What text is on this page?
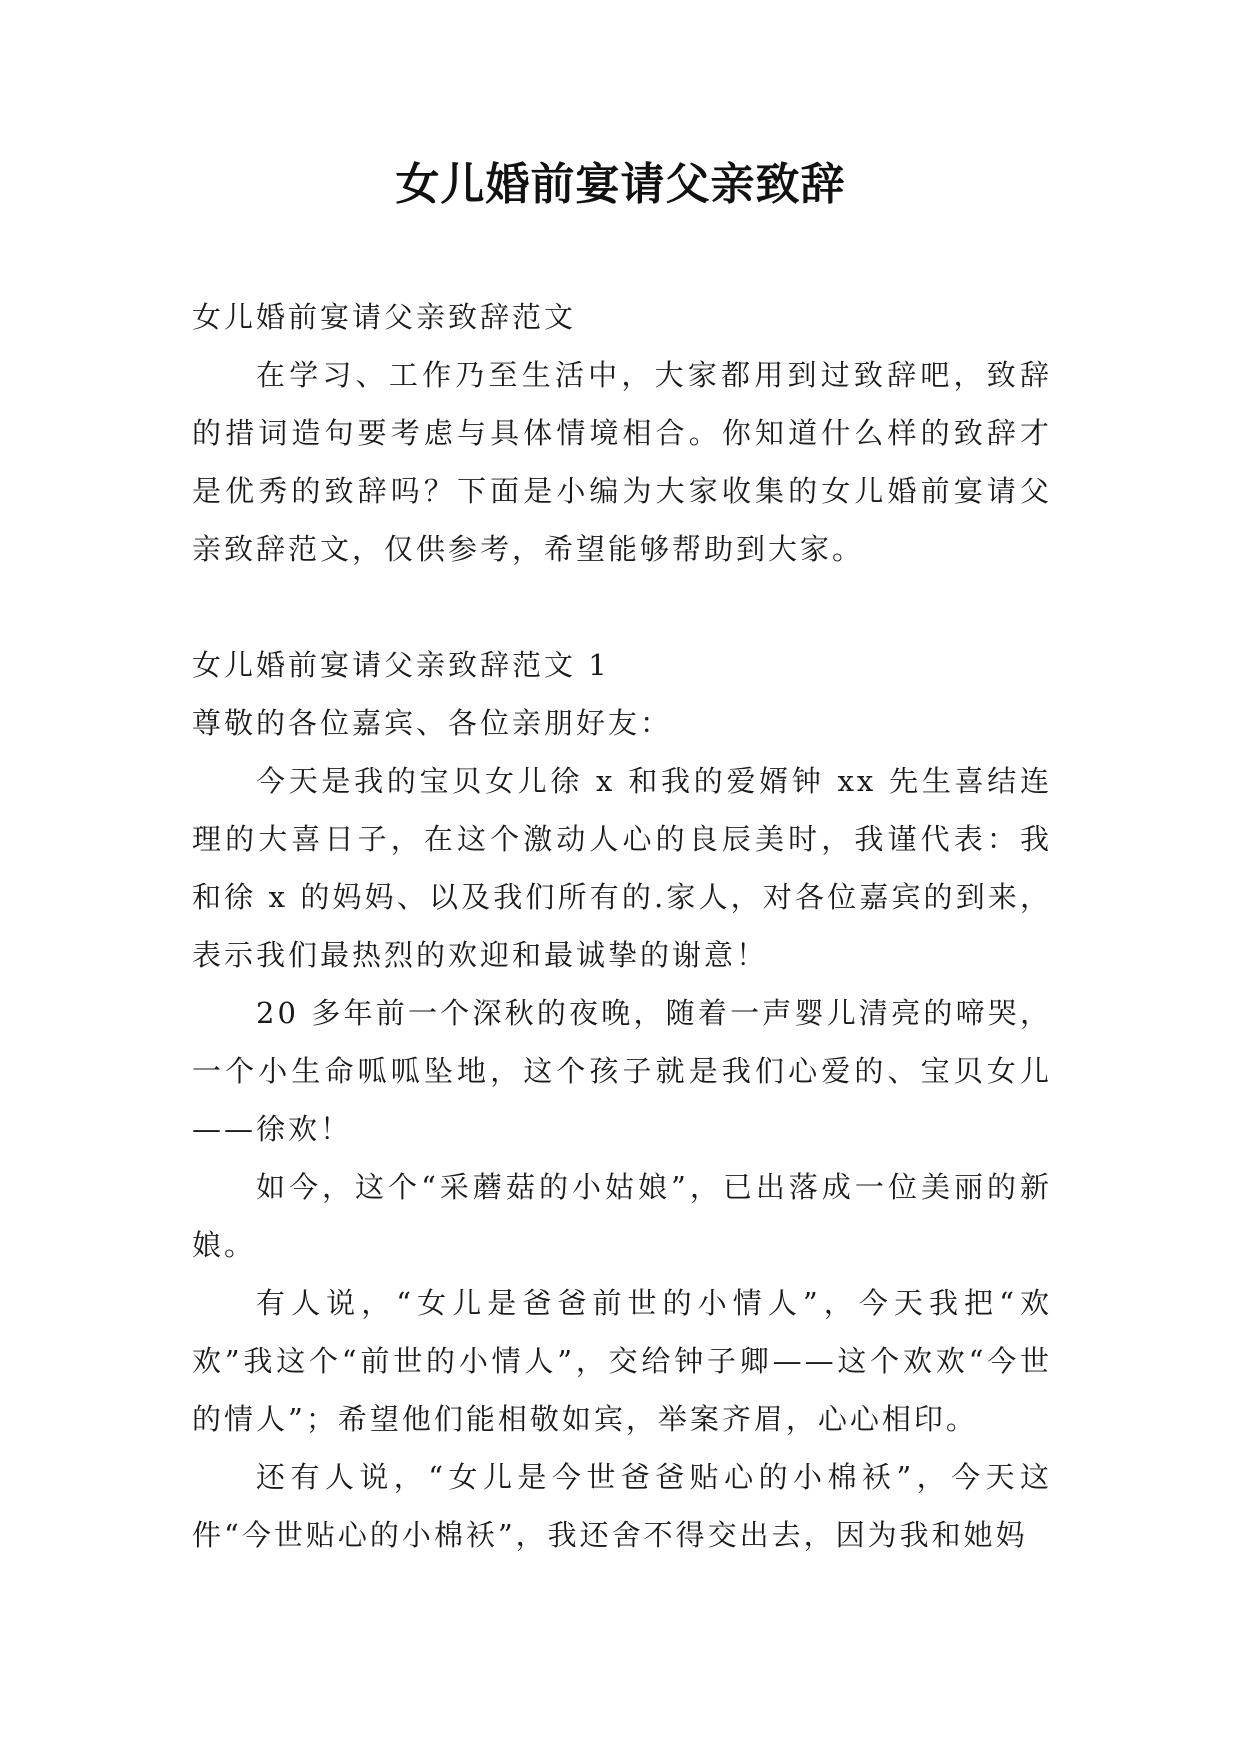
女儿婚前宴请父亲致辞

女儿婚前宴请父亲致辞范文

在学习、工作乃至生活中，大家都用到过致辞吧，致辞的措词造句要考虑与具体情境相合。你知道什么样的致辞才是优秀的致辞吗？下面是小编为大家收集的女儿婚前宴请父亲致辞范文，仅供参考，希望能够帮助到大家。

女儿婚前宴请父亲致辞范文 1

尊敬的各位嘉宾、各位亲朋好友：

今天是我的宝贝女儿徐 x 和我的爱婿钟 xx 先生喜结连理的大喜日子，在这个激动人心的良辰美时，我谨代表：我和徐 x 的妈妈、以及我们所有的.家人，对各位嘉宾的到来，表示我们最热烈的欢迎和最诚挚的谢意！

20 多年前一个深秋的夜晚，随着一声婴儿清亮的啼哭，一个小生命呱呱坠地，这个孩子就是我们心爱的、宝贝女儿——徐欢！

如今，这个“采蘑菇的小姑娘”，已出落成一位美丽的新娘。

有人说，“女儿是爸爸前世的小情人”，今天我把“欢欢”我这个“前世的小情人”，交给钟子卿——这个欢欢“今世的情人”；希望他们能相敬如宾，举案齐眉，心心相印。

还有人说，“女儿是今世爸爸贴心的小棉袄”，今天这件“今世贴心的小棉袄”，我还舍不得交出去，因为我和她妈
